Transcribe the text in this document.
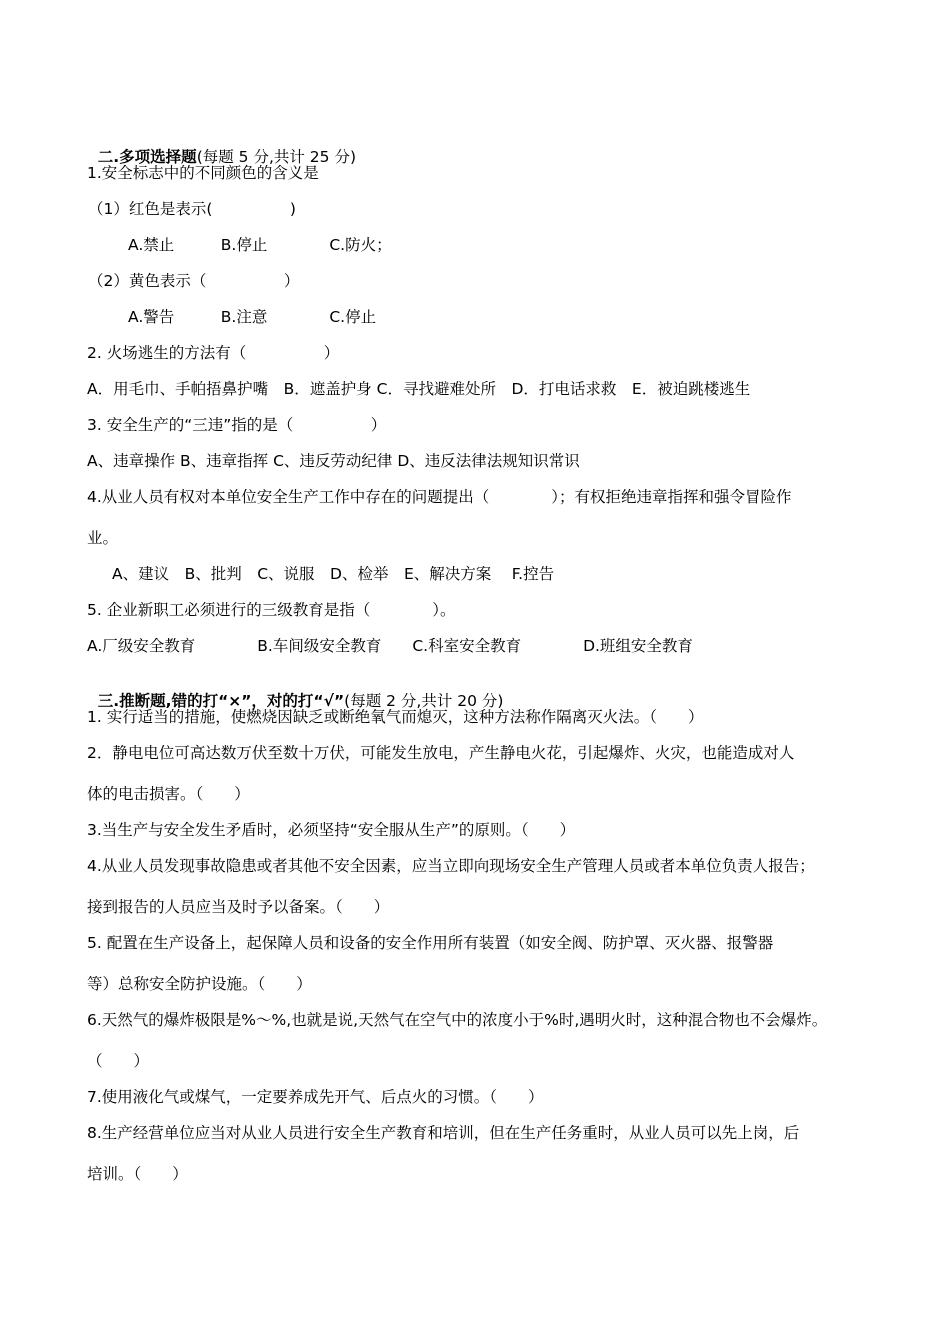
二.多项选择题(每题 5 分,共计 25 分)

1.安全标志中的不同颜色的含义是
（1）红色是表示(　　　　　)
A.禁止　　　B.停止　　　　C.防火；
（2）黄色表示（　　　　　）
A.警告　　　B.注意　　　　C.停止
2. 火场逃生的方法有（　　　　　）
A．用毛巾、手帕捂鼻护嘴　B．遮盖护身 C．寻找避难处所　D．打电话求救　E．被迫跳楼逃生
3. 安全生产的“三违”指的是（　　　　　）
A、违章操作 B、违章指挥 C、违反劳动纪律 D、违反法律法规知识常识
4.从业人员有权对本单位安全生产工作中存在的问题提出（　　　　）；有权拒绝违章指挥和强令冒险作
业。
A、建议　B、批判　C、说服　D、检举　E、解决方案　 F.控告
5. 企业新职工必须进行的三级教育是指（　　　　）。
A.厂级安全教育　　　　B.车间级安全教育　　C.科室安全教育　　　　D.班组安全教育

三.推断题,错的打“×”，对的打“√”(每题 2 分,共计 20 分)

1. 实行适当的措施，使燃烧因缺乏或断绝氧气而熄灭，这种方法称作隔离灭火法。（　　）
2．静电电位可高达数万伏至数十万伏，可能发生放电，产生静电火花，引起爆炸、火灾，也能造成对人
体的电击损害。（　　）
3.当生产与安全发生矛盾时，必须坚持“安全服从生产”的原则。（　　）
4.从业人员发现事故隐患或者其他不安全因素，应当立即向现场安全生产管理人员或者本单位负责人报告；
接到报告的人员应当及时予以备案。（　　）
5. 配置在生产设备上，起保障人员和设备的安全作用所有装置（如安全阀、防护罩、灭火器、报警器
等）总称安全防护设施。（　　）
6.天然气的爆炸极限是%～%,也就是说,天然气在空气中的浓度小于%时,遇明火时，这种混合物也不会爆炸。
（　　）
7.使用液化气或煤气，一定要养成先开气、后点火的习惯。（　　）
8.生产经营单位应当对从业人员进行安全生产教育和培训，但在生产任务重时，从业人员可以先上岗，后
培训。（　　）
